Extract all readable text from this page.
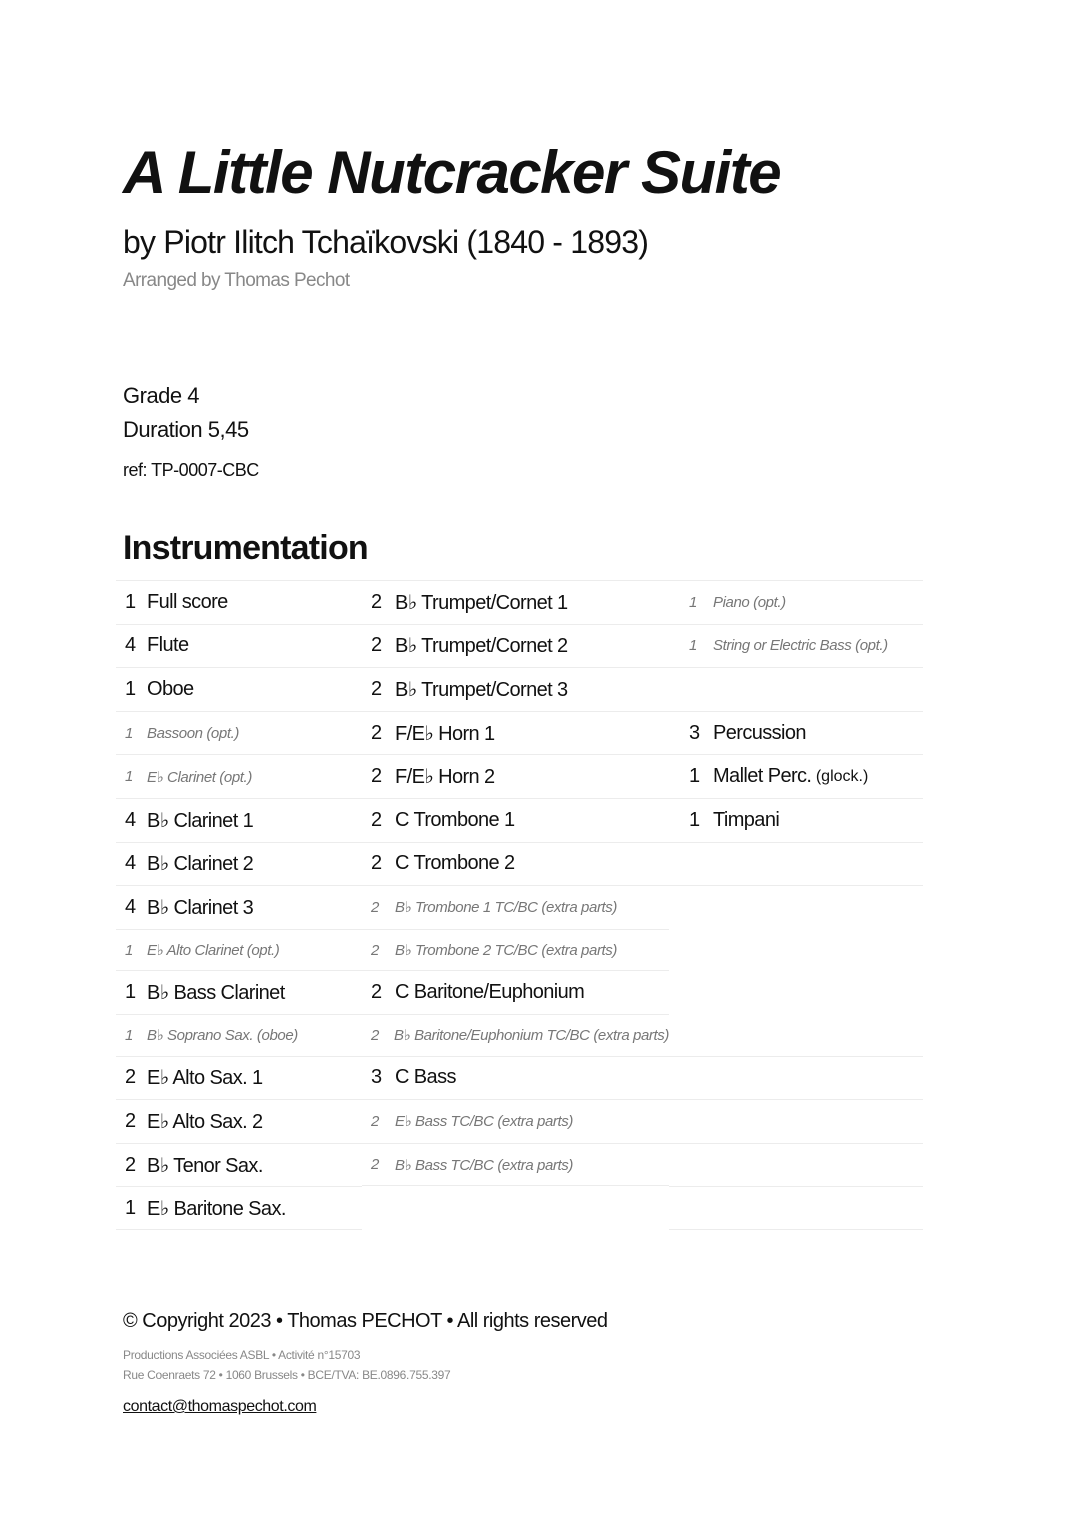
A Little Nutcracker Suite
by Piotr Ilitch Tchaïkovski (1840 - 1893)
Arranged by Thomas Pechot
Grade 4
Duration 5,45
ref: TP-0007-CBC
Instrumentation
1 Full score
4 Flute
1 Oboe
1 Bassoon (opt.)
1 E♭ Clarinet (opt.)
4 B♭ Clarinet 1
4 B♭ Clarinet 2
4 B♭ Clarinet 3
1 E♭ Alto Clarinet (opt.)
1 B♭ Bass Clarinet
1 B♭ Soprano Sax. (oboe)
2 E♭ Alto Sax. 1
2 E♭ Alto Sax. 2
2 B♭ Tenor Sax.
1 E♭ Baritone Sax.
2 B♭ Trumpet/Cornet 1
2 B♭ Trumpet/Cornet 2
2 B♭ Trumpet/Cornet 3
2 F/E♭ Horn 1
2 F/E♭ Horn 2
2 C Trombone 1
2 C Trombone 2
2	B♭ Trombone 1 TC/BC (extra parts)
2	B♭ Trombone 2 TC/BC (extra parts)
2 C Baritone/Euphonium
2	B♭ Baritone/Euphonium TC/BC (extra parts)
3 C Bass
2	E♭ Bass TC/BC (extra parts)
2	B♭ Bass TC/BC (extra parts)
1	Piano (opt.)
1	String or Electric Bass (opt.)
3 Percussion
1 Mallet Perc.
(glock.)
1 Timpani
© Copyright 2023 • Thomas PECHOT • All rights reserved
Productions Associées ASBL • Activité n°15703
Rue Coenraets 72 • 1060 Brussels • BCE/TVA: BE.0896.755.397
contact@thomaspechot.com
